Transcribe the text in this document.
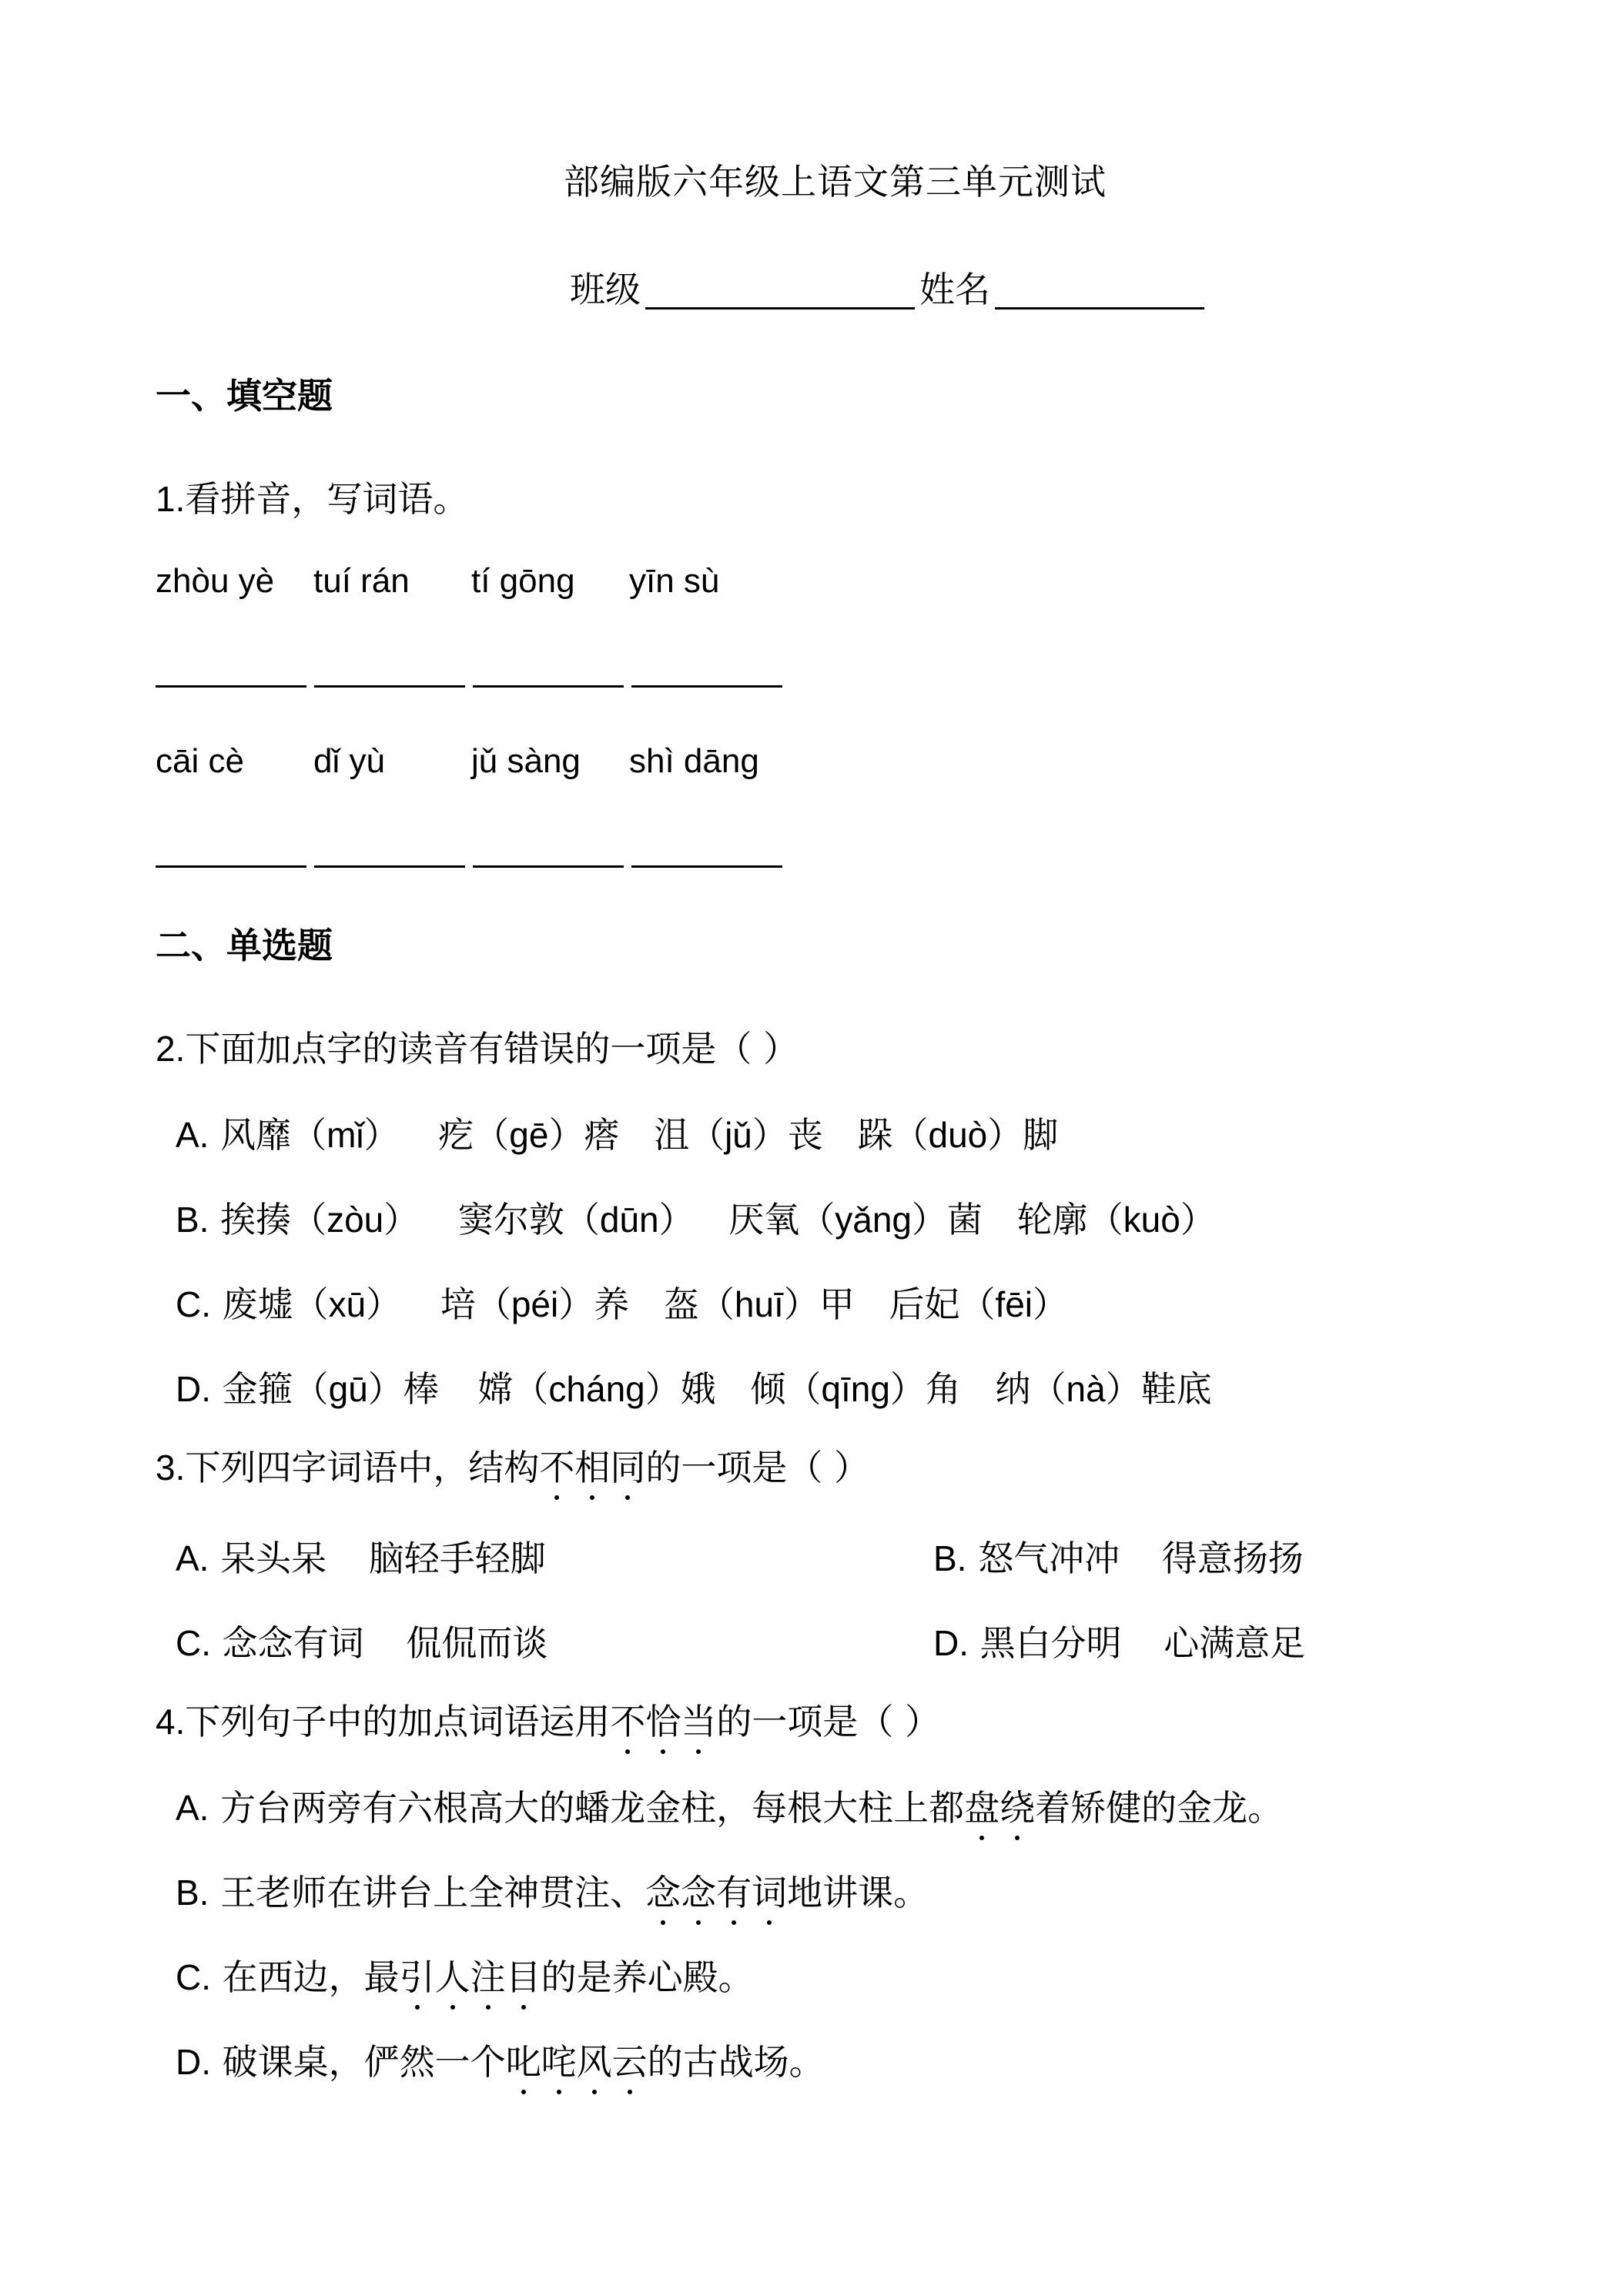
部编版六年级上语文第三单元测试
班级	姓名
一、填空题
1.看拼音，写词语。
zhòu yè tuí rán tí gōng yīn sù
cāi cè dǐ yù	jǔ sàng shì dāng
二、单选题
2.下面加点字的读音有错误的一项是（ ）
A. 风靡（mǐ） 疙（gē）瘩 沮（jǔ）丧 跺（duò）脚
B. 挨揍（zòu） 窦尔敦（dūn） 厌氧（yǎng）菌 轮廓（kuò）
C. 废墟（xū） 培（péi）养 盔（huī）甲 后妃（fēi）
D. 金箍（gū）棒 嫦（cháng）娥 倾（qīng）角 纳（nà）鞋底
3.下列四字词语中，结构不相同的一项是（ ）
A. 呆头呆 脑轻手轻脚	B. 怒气冲冲 得意扬扬
C. 念念有词 侃侃而谈	D. 黑白分明 心满意足
4.下列句子中的加点词语运用不恰当的一项是（ ）
A. 方台两旁有六根高大的蟠龙金柱，每根大柱上都盘绕着矫健的金龙。
B. 王老师在讲台上全神贯注、念念有词地讲课。
C. 在西边，最引人注目的是养心殿。
D. 破课桌，俨然一个叱咤风云的古战场。
